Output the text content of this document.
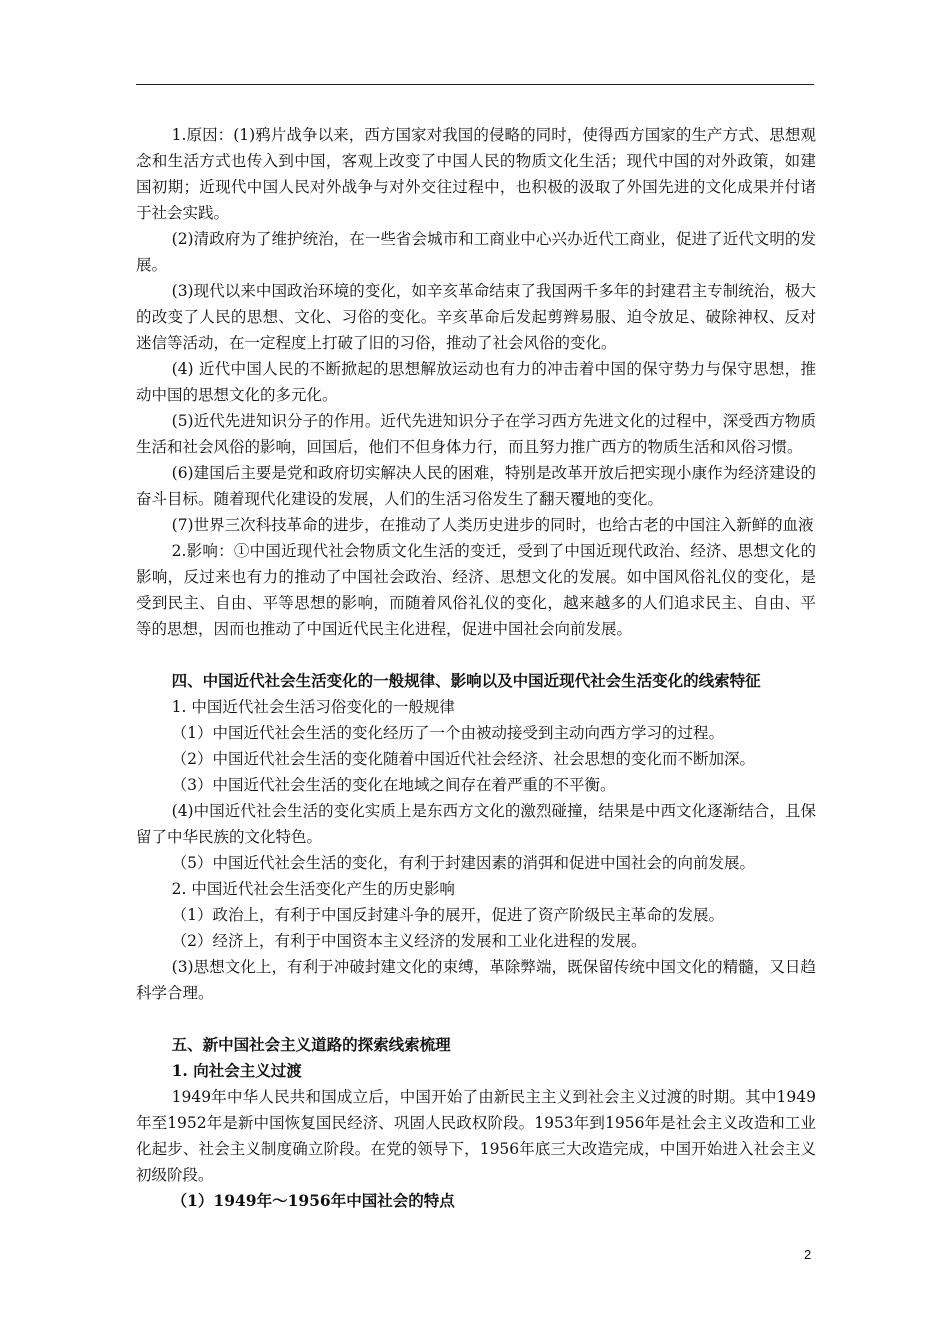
1.原因：(1)鸦片战争以来，西方国家对我国的侵略的同时，使得西方国家的生产方式、思想观念和生活方式也传入到中国，客观上改变了中国人民的物质文化生活；现代中国的对外政策，如建国初期；近现代中国人民对外战争与对外交往过程中，也积极的汲取了外国先进的文化成果并付诸于社会实践。

(2)清政府为了维护统治，在一些省会城市和工商业中心兴办近代工商业，促进了近代文明的发展。

(3)现代以来中国政治环境的变化，如辛亥革命结束了我国两千多年的封建君主专制统治，极大的改变了人民的思想、文化、习俗的变化。辛亥革命后发起剪辫易服、迫令放足、破除神权、反对迷信等活动，在一定程度上打破了旧的习俗，推动了社会风俗的变化。

(4) 近代中国人民的不断掀起的思想解放运动也有力的冲击着中国的保守势力与保守思想，推动中国的思想文化的多元化。

(5)近代先进知识分子的作用。近代先进知识分子在学习西方先进文化的过程中，深受西方物质生活和社会风俗的影响，回国后，他们不但身体力行，而且努力推广西方的物质生活和风俗习惯。

(6)建国后主要是党和政府切实解决人民的困难，特别是改革开放后把实现小康作为经济建设的奋斗目标。随着现代化建设的发展，人们的生活习俗发生了翻天覆地的变化。

(7)世界三次科技革命的进步，在推动了人类历史进步的同时，也给古老的中国注入新鲜的血液

2.影响：①中国近现代社会物质文化生活的变迁，受到了中国近现代政治、经济、思想文化的影响，反过来也有力的推动了中国社会政治、经济、思想文化的发展。如中国风俗礼仪的变化，是受到民主、自由、平等思想的影响，而随着风俗礼仪的变化，越来越多的人们追求民主、自由、平等的思想，因而也推动了中国近代民主化进程，促进中国社会向前发展。

四、中国近代社会生活变化的一般规律、影响以及中国近现代社会生活变化的线索特征

1. 中国近代社会生活习俗变化的一般规律

（1）中国近代社会生活的变化经历了一个由被动接受到主动向西方学习的过程。

（2）中国近代社会生活的变化随着中国近代社会经济、社会思想的变化而不断加深。

（3）中国近代社会生活的变化在地域之间存在着严重的不平衡。

(4)中国近代社会生活的变化实质上是东西方文化的激烈碰撞，结果是中西文化逐渐结合，且保留了中华民族的文化特色。

（5）中国近代社会生活的变化，有利于封建因素的消弭和促进中国社会的向前发展。

2. 中国近代社会生活变化产生的历史影响

（1）政治上，有利于中国反封建斗争的展开，促进了资产阶级民主革命的发展。

（2）经济上，有利于中国资本主义经济的发展和工业化进程的发展。

(3)思想文化上，有利于冲破封建文化的束缚，革除弊端，既保留传统中国文化的精髓，又日趋科学合理。

五、新中国社会主义道路的探索线索梳理

1. 向社会主义过渡

1949年中华人民共和国成立后，中国开始了由新民主主义到社会主义过渡的时期。其中1949年至1952年是新中国恢复国民经济、巩固人民政权阶段。1953年到1956年是社会主义改造和工业化起步、社会主义制度确立阶段。在党的领导下，1956年底三大改造完成，中国开始进入社会主义初级阶段。

（1）1949年～1956年中国社会的特点

2
